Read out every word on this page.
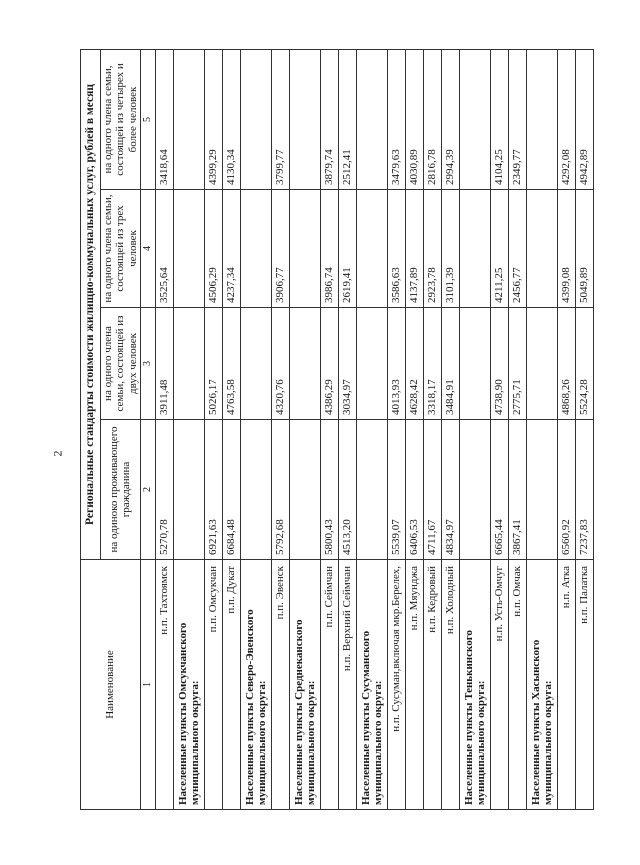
2
Наименование	Региональные стандарты стоимости жилищно-коммунальных услуг, рублей в месяц			
	на одиноко проживающего гражданина	на одного члена семьи, состоящей из двух человек	на одного члена семьи, состоящей из трех человек	на одного члена семьи, состоящей из четырех и более человек
1	2	3	4	5
н.п. Тахтоямск	5270,78	3911,48	3525,64	3418,64
Населенные пункты Омсукчанского муниципального округа:				
п.п. Омсукчан	6921,63	5026,17	4506,29	4399,29
п.п. Дукат	6684,48	4763,58	4237,34	4130,34
Населенные пункты Северо-Эвенского муниципального округа:				
п.п. Эвенск	5792,68	4320,76	3906,77	3799,77
Населенные пункты Среднеканского муниципального округа:				
п.п. Сеймчан	5800,43	4386,29	3986,74	3879,74
н.п. Верхний Сеймчан	4513,20	3034,97	2619,41	2512,41
Населенные пункты Сусуманского муниципального округа:				
н.п. Сусуман,включая мкр.Берелех,	5539,07	4013,93	3586,63	3479,63
н.п. Мяунджа	6406,53	4628,42	4137,89	4030,89
н.п. Кедровый	4711,67	3318,17	2923,78	2816,78
н.п. Холодный	4834,97	3484,91	3101,39	2994,39
Населенные пункты Тенькинского муниципального округа:				
н.п. Усть-Омчуг	6665,44	4738,90	4211,25	4104,25
н.п. Омчак	3867,41	2775,71	2456,77	2349,77
Населенные пункты Хасынского муниципального округа:				
н.п. Атка	6560,92	4868,26	4399,08	4292,08
н.п. Палатка	7237,83	5524,28	5049,89	4942,89
